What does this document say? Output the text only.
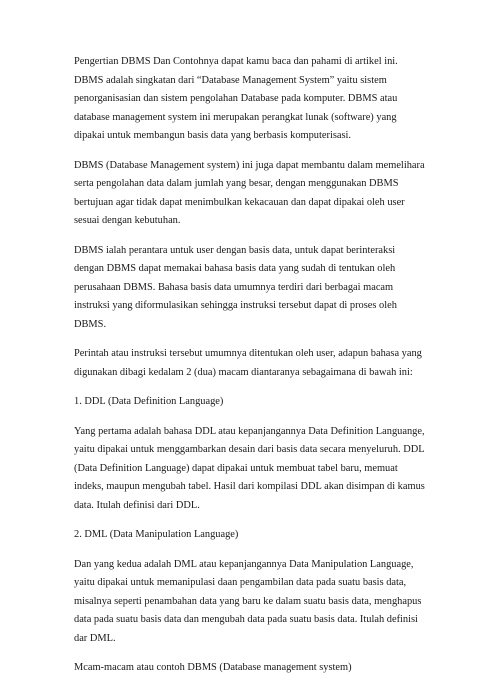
Pengertian DBMS Dan Contohnya dapat kamu baca dan pahami di artikel ini. DBMS adalah singkatan dari “Database Management System” yaitu sistem penorganisasian dan sistem pengolahan Database pada komputer. DBMS atau database management system ini merupakan perangkat lunak (software) yang dipakai untuk membangun basis data yang berbasis komputerisasi.

DBMS (Database Management system) ini juga dapat membantu dalam memelihara serta pengolahan data dalam jumlah yang besar, dengan menggunakan DBMS bertujuan agar tidak dapat menimbulkan kekacauan dan dapat dipakai oleh user sesuai dengan kebutuhan.

DBMS ialah perantara untuk user dengan basis data, untuk dapat berinteraksi dengan DBMS dapat memakai bahasa basis data yang sudah di tentukan oleh perusahaan DBMS. Bahasa basis data umumnya terdiri dari berbagai macam instruksi yang diformulasikan sehingga instruksi tersebut dapat di proses oleh DBMS.

Perintah atau instruksi tersebut umumnya ditentukan oleh user, adapun bahasa yang digunakan dibagi kedalam 2 (dua) macam diantaranya sebagaimana di bawah ini:

1. DDL (Data Definition Language)

Yang pertama adalah bahasa DDL atau kepanjangannya Data Definition Languange, yaitu dipakai untuk menggambarkan desain dari basis data secara menyeluruh. DDL (Data Definition Language) dapat dipakai untuk membuat tabel baru, memuat indeks, maupun mengubah tabel. Hasil dari kompilasi DDL akan disimpan di kamus data. Itulah definisi dari DDL.

2. DML (Data Manipulation Language)

Dan yang kedua adalah DML atau kepanjangannya Data Manipulation Language, yaitu dipakai untuk memanipulasi daan pengambilan data pada suatu basis data, misalnya seperti penambahan data yang baru ke dalam suatu basis data, menghapus data pada suatu basis data dan mengubah data pada suatu basis data. Itulah definisi dar DML.

Mcam-macam atau contoh DBMS (Database management system)
